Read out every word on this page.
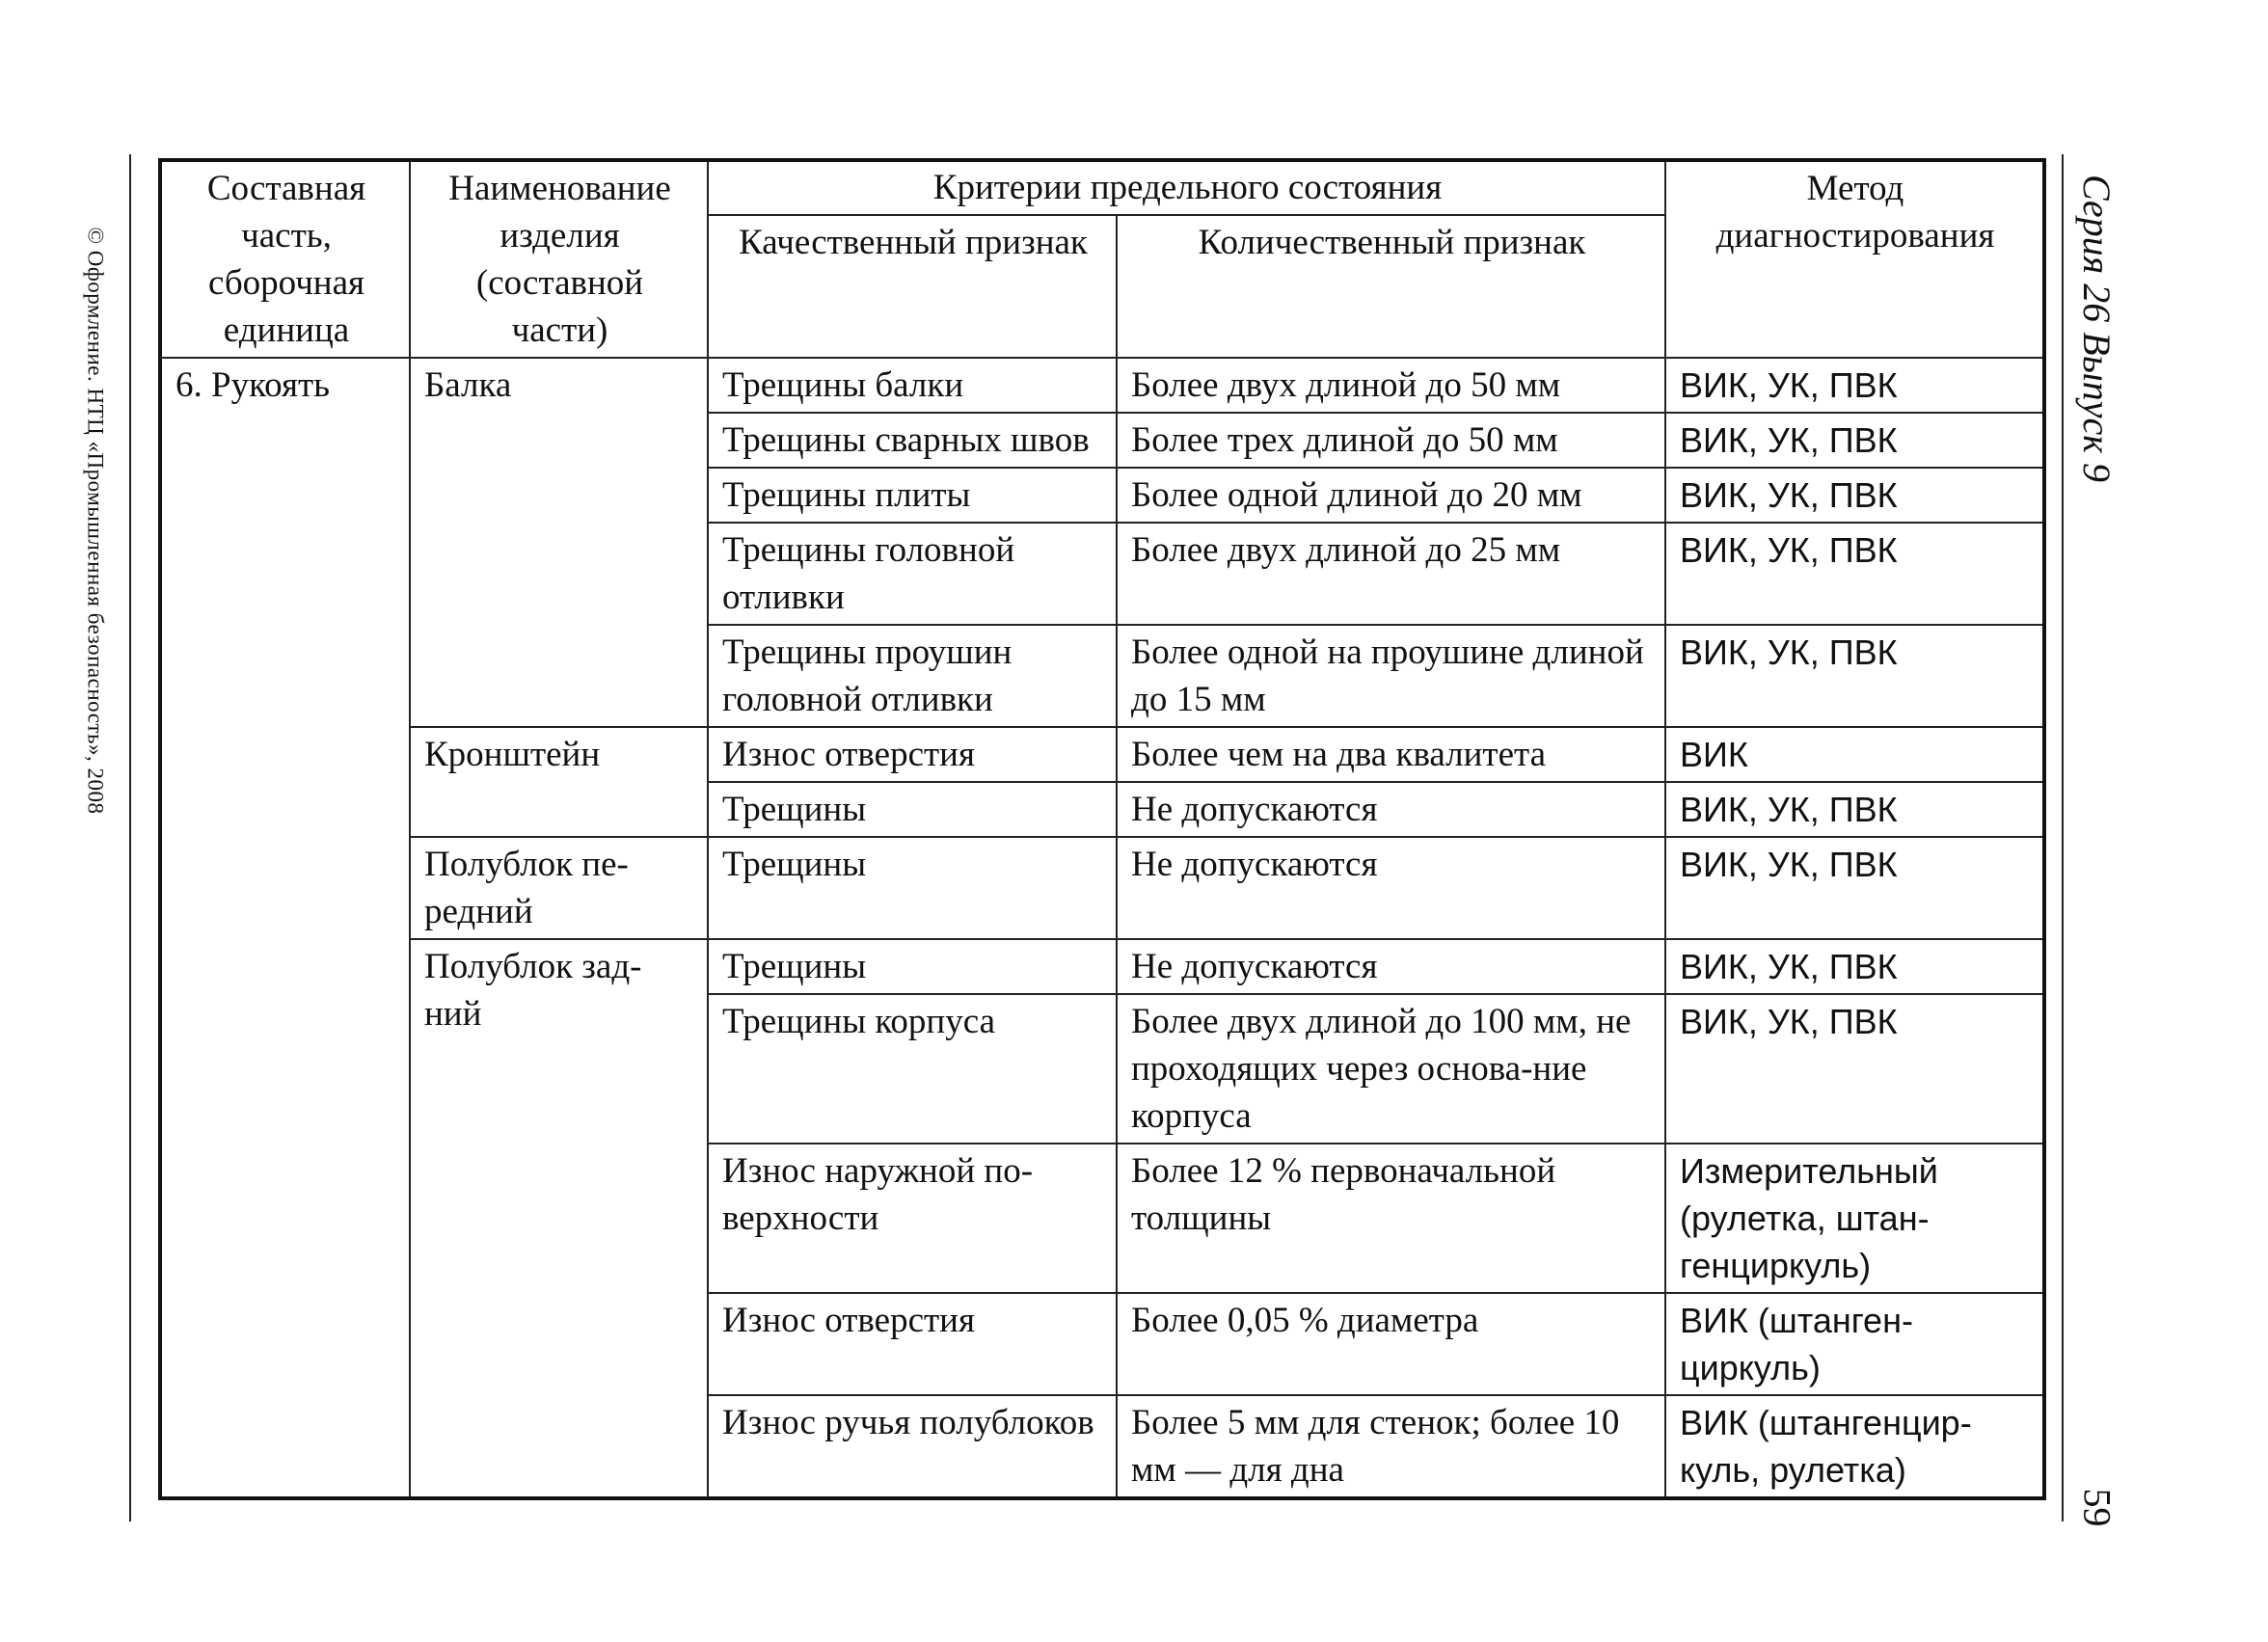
© Оформление. НТЦ «Промышленная безопасность», 2008	Серия 26 Выпуск 9
59
Составная часть, сборочная единица	Наименование изделия (составной части)	Критерии предельного состояния		Метод диагностирования
		Качественный признак	Количественный признак	
6. Рукоять	Балка	Трещины балки	Более двух длиной до 50 мм	ВИК, УК, ПВК
		Трещины сварных швов	Более трех длиной до 50 мм	ВИК, УК, ПВК
		Трещины плиты	Более одной длиной до 20 мм	ВИК, УК, ПВК
		Трещины головной отливки	Более двух длиной до 25 мм	ВИК, УК, ПВК
		Трещины проушин головной отливки	Более одной на проушине длиной до 15 мм	ВИК, УК, ПВК
	Кронштейн	Износ отверстия	Более чем на два квалитета	ВИК
		Трещины	Не допускаются	ВИК, УК, ПВК
	Полублок пе-редний	Трещины	Не допускаются	ВИК, УК, ПВК
	Полублок зад-ний	Трещины	Не допускаются	ВИК, УК, ПВК
		Трещины корпуса	Более двух длиной до 100 мм, не проходящих через основа-ние корпуса	ВИК, УК, ПВК
		Износ наружной по-верхности	Более 12 % первоначальной толщины	Измерительный (рулетка, штан-генциркуль)
		Износ отверстия	Более 0,05 % диаметра	ВИК (штанген-циркуль)
		Износ ручья полублоков	Более 5 мм для стенок; более 10 мм — для дна	ВИК (штангенцир-куль, рулетка)
